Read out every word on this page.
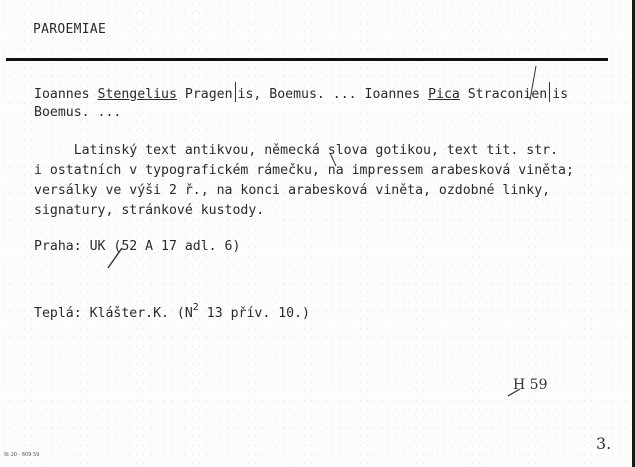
PAROEMIAE
Ioannes Stengelius Pragen is, Boemus. ... Ioannes Pica Straconien is
Boemus. ...
Latinský text antikvou, německá slova gotikou, text tit. str.
i ostatních v typografickém rámečku, na impressem arabesková viněta;
versálky ve výši 2 ř., na konci arabesková viněta, ozdobné linky,
signatury, stránkové kustody.
Praha: UK (52 A 17 adl. 6)
Teplá: Klášter.K. ($N^2$ 13 přív. 10.)
H 59
3.
St 20 · 609 59
